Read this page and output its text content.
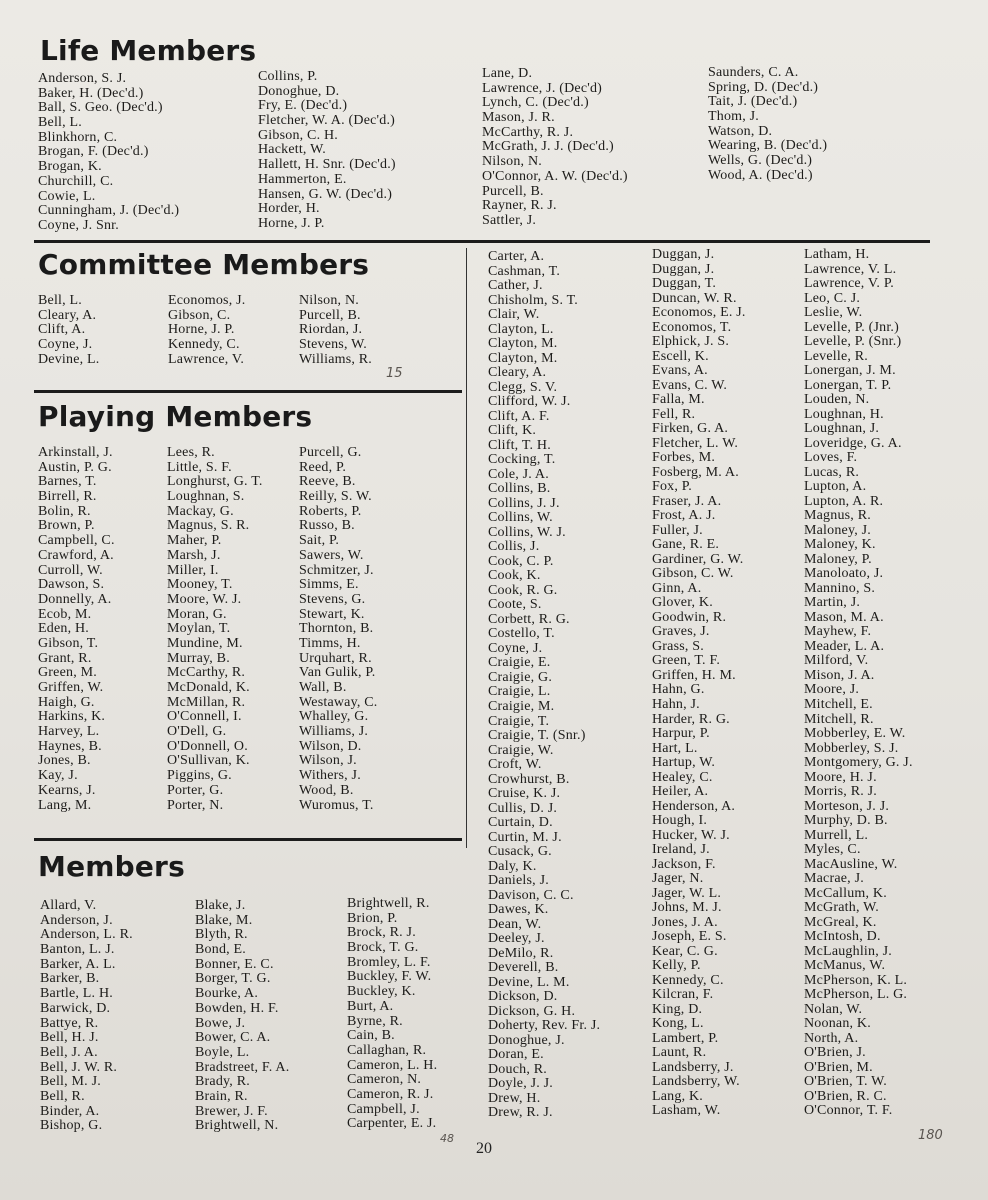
Life Members
Anderson, S. J.
Baker, H. (Dec'd.)
Ball, S. Geo. (Dec'd.)
Bell, L.
Blinkhorn, C.
Brogan, F. (Dec'd.)
Brogan, K.
Churchill, C.
Cowie, L.
Cunningham, J. (Dec'd.)
Coyne, J. Snr.
Collins, P.
Donoghue, D.
Fry, E. (Dec'd.)
Fletcher, W. A. (Dec'd.)
Gibson, C. H.
Hackett, W.
Hallett, H. Snr. (Dec'd.)
Hammerton, E.
Hansen, G. W. (Dec'd.)
Horder, H.
Horne, J. P.
Lane, D.
Lawrence, J. (Dec'd)
Lynch, C. (Dec'd.)
Mason, J. R.
McCarthy, R. J.
McGrath, J. J. (Dec'd.)
Nilson, N.
O'Connor, A. W. (Dec'd.)
Purcell, B.
Rayner, R. J.
Sattler, J.
Saunders, C. A.
Spring, D. (Dec'd.)
Tait, J. (Dec'd.)
Thom, J.
Watson, D.
Wearing, B. (Dec'd.)
Wells, G. (Dec'd.)
Wood, A. (Dec'd.)
Committee Members
Bell, L.
Cleary, A.
Clift, A.
Coyne, J.
Devine, L.
Economos, J.
Gibson, C.
Horne, J. P.
Kennedy, C.
Lawrence, V.
Nilson, N.
Purcell, B.
Riordan, J.
Stevens, W.
Williams, R.
15
Playing Members
Arkinstall, J.
Austin, P. G.
Barnes, T.
Birrell, R.
Bolin, R.
Brown, P.
Campbell, C.
Crawford, A.
Curroll, W.
Dawson, S.
Donnelly, A.
Ecob, M.
Eden, H.
Gibson, T.
Grant, R.
Green, M.
Griffen, W.
Haigh, G.
Harkins, K.
Harvey, L.
Haynes, B.
Jones, B.
Kay, J.
Kearns, J.
Lang, M.
Lees, R.
Little, S. F.
Longhurst, G. T.
Loughnan, S.
Mackay, G.
Magnus, S. R.
Maher, P.
Marsh, J.
Miller, I.
Mooney, T.
Moore, W. J.
Moran, G.
Moylan, T.
Mundine, M.
Murray, B.
McCarthy, R.
McDonald, K.
McMillan, R.
O'Connell, I.
O'Dell, G.
O'Donnell, O.
O'Sullivan, K.
Piggins, G.
Porter, G.
Porter, N.
Purcell, G.
Reed, P.
Reeve, B.
Reilly, S. W.
Roberts, P.
Russo, B.
Sait, P.
Sawers, W.
Schmitzer, J.
Simms, E.
Stevens, G.
Stewart, K.
Thornton, B.
Timms, H.
Urquhart, R.
Van Gulik, P.
Wall, B.
Westaway, C.
Whalley, G.
Williams, J.
Wilson, D.
Wilson, J.
Withers, J.
Wood, B.
Wuromus, T.
Members
Allard, V.
Anderson, J.
Anderson, L. R.
Banton, L. J.
Barker, A. L.
Barker, B.
Bartle, L. H.
Barwick, D.
Battye, R.
Bell, H. J.
Bell, J. A.
Bell, J. W. R.
Bell, M. J.
Bell, R.
Binder, A.
Bishop, G.
Blake, J.
Blake, M.
Blyth, R.
Bond, E.
Bonner, E. C.
Borger, T. G.
Bourke, A.
Bowden, H. F.
Bowe, J.
Bower, C. A.
Boyle, L.
Bradstreet, F. A.
Brady, R.
Brain, R.
Brewer, J. F.
Brightwell, N.
Brightwell, R.
Brion, P.
Brock, R. J.
Brock, T. G.
Bromley, L. F.
Buckley, F. W.
Buckley, K.
Burt, A.
Byrne, R.
Cain, B.
Callaghan, R.
Cameron, L. H.
Cameron, N.
Cameron, R. J.
Campbell, J.
Carpenter, E. J.
Carter, A.
Cashman, T.
Cather, J.
Chisholm, S. T.
Clair, W.
Clayton, L.
Clayton, M.
Clayton, M.
Cleary, A.
Clegg, S. V.
Clifford, W. J.
Clift, A. F.
Clift, K.
Clift, T. H.
Cocking, T.
Cole, J. A.
Collins, B.
Collins, J. J.
Collins, W.
Collins, W. J.
Collis, J.
Cook, C. P.
Cook, K.
Cook, R. G.
Coote, S.
Corbett, R. G.
Costello, T.
Coyne, J.
Craigie, E.
Craigie, G.
Craigie, L.
Craigie, M.
Craigie, T.
Craigie, T. (Snr.)
Craigie, W.
Croft, W.
Crowhurst, B.
Cruise, K. J.
Cullis, D. J.
Curtain, D.
Curtin, M. J.
Cusack, G.
Daly, K.
Daniels, J.
Davison, C. C.
Dawes, K.
Dean, W.
Deeley, J.
DeMilo, R.
Deverell, B.
Devine, L. M.
Dickson, D.
Dickson, G. H.
Doherty, Rev. Fr. J.
Donoghue, J.
Doran, E.
Douch, R.
Doyle, J. J.
Drew, H.
Drew, R. J.
Duggan, J.
Duggan, J.
Duggan, T.
Duncan, W. R.
Economos, E. J.
Economos, T.
Elphick, J. S.
Escell, K.
Evans, A.
Evans, C. W.
Falla, M.
Fell, R.
Firken, G. A.
Fletcher, L. W.
Forbes, M.
Fosberg, M. A.
Fox, P.
Fraser, J. A.
Frost, A. J.
Fuller, J.
Gane, R. E.
Gardiner, G. W.
Gibson, C. W.
Ginn, A.
Glover, K.
Goodwin, R.
Graves, J.
Grass, S.
Green, T. F.
Griffen, H. M.
Hahn, G.
Hahn, J.
Harder, R. G.
Harpur, P.
Hart, L.
Hartup, W.
Healey, C.
Heiler, A.
Henderson, A.
Hough, I.
Hucker, W. J.
Ireland, J.
Jackson, F.
Jager, N.
Jager, W. L.
Johns, M. J.
Jones, J. A.
Joseph, E. S.
Kear, C. G.
Kelly, P.
Kennedy, C.
Kilcran, F.
King, D.
Kong, L.
Lambert, P.
Launt, R.
Landsberry, J.
Landsberry, W.
Lang, K.
Lasham, W.
Latham, H.
Lawrence, V. L.
Lawrence, V. P.
Leo, C. J.
Leslie, W.
Levelle, P. (Jnr.)
Levelle, P. (Snr.)
Levelle, R.
Lonergan, J. M.
Lonergan, T. P.
Louden, N.
Loughnan, H.
Loughnan, J.
Loveridge, G. A.
Loves, F.
Lucas, R.
Lupton, A.
Lupton, A. R.
Magnus, R.
Maloney, J.
Maloney, K.
Maloney, P.
Manoloato, J.
Mannino, S.
Martin, J.
Mason, M. A.
Mayhew, F.
Meader, L. A.
Milford, V.
Mison, J. A.
Moore, J.
Mitchell, E.
Mitchell, R.
Mobberley, E. W.
Mobberley, S. J.
Montgomery, G. J.
Moore, H. J.
Morris, R. J.
Morteson, J. J.
Murphy, D. B.
Murrell, L.
Myles, C.
MacAusline, W.
Macrae, J.
McCallum, K.
McGrath, W.
McGreal, K.
McIntosh, D.
McLaughlin, J.
McManus, W.
McPherson, K. L.
McPherson, L. G.
Nolan, W.
Noonan, K.
North, A.
O'Brien, J.
O'Brien, M.
O'Brien, T. W.
O'Brien, R. C.
O'Connor, T. F.
48
20
180
